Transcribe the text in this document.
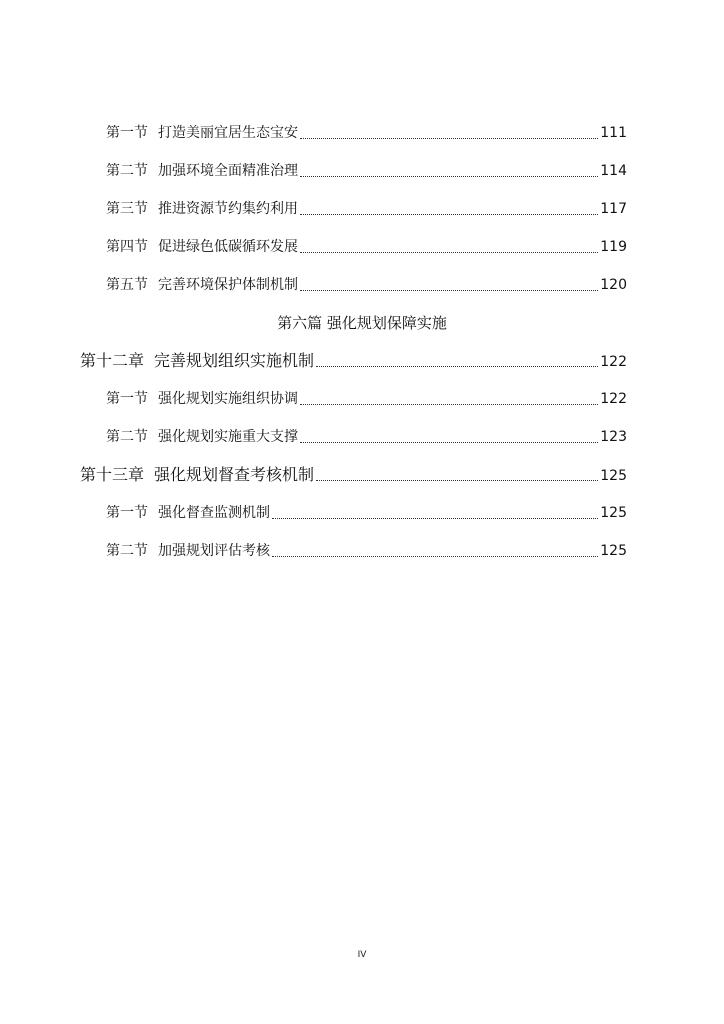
第一节 打造美丽宜居生态宝安	111
第二节 加强环境全面精准治理	114
第三节 推进资源节约集约利用	117
第四节 促进绿色低碳循环发展	119
第五节 完善环境保护体制机制	120
第六篇 强化规划保障实施
第十二章 完善规划组织实施机制	122
第一节 强化规划实施组织协调	122
第二节 强化规划实施重大支撑	123
第十三章 强化规划督查考核机制	125
第一节 强化督查监测机制	125
第二节 加强规划评估考核	125
IV
